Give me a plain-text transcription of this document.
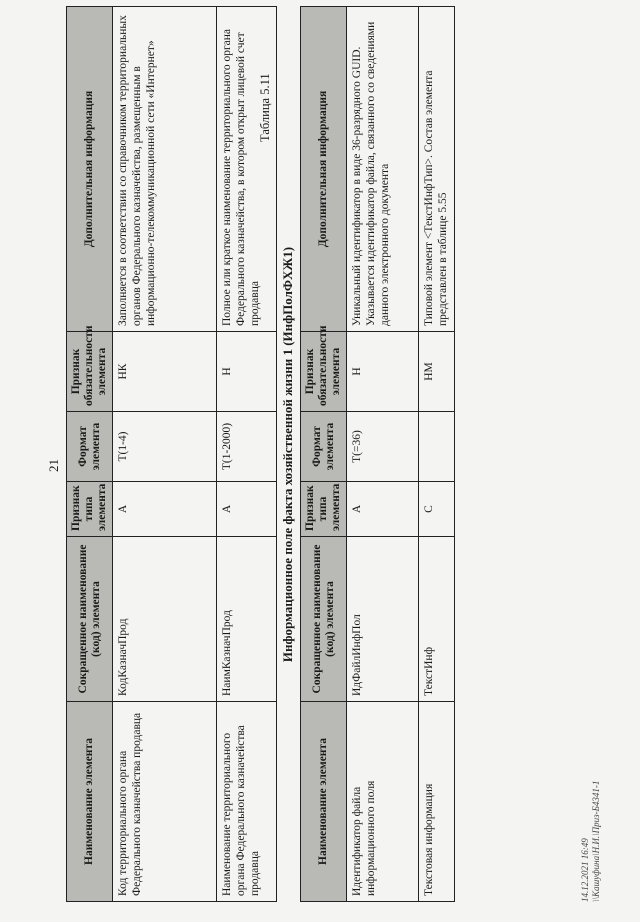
21
Наименование элемента	Сокращенное наименование (код) элемента	Признак типа элемента	Формат элемента	Признак обязательности элемента	Дополнительная информация
Код территориального органа Федерального казначейства продавца	КодКазначПрод	А	T(1-4)	НК	Заполняется в соответствии со справочником территориальных органов Федерального казначейства, размещенным в информационно-телекоммуникационной сети «Интернет»
Наименование территориального органа Федерального казначейства продавца	НаимКазначПрод	А	T(1-2000)	Н	Полное или краткое наименование территориального органа Федерального казначейства, в котором открыт лицевой счет продавца
Таблица 5.11
Информационное поле факта хозяйственной жизни 1 (ИнфПолФХЖ1)
Наименование элемента	Сокращенное наименование (код) элемента	Признак типа элемента	Формат элемента	Признак обязательности элемента	Дополнительная информация
Идентификатор файла информационного поля	ИдФайлИнфПол	А	T(=36)	Н	Уникальный идентификатор в виде 36-разрядного GUID. Указывается идентификатор файла, связанного со сведениями данного электронного документа
Текстовая информация	ТекстИнф	С		НМ	Типовой элемент <ТекстИнфТип>. Состав элемента представлен в таблице 5.55
14.12.2021 16:49 \\Кашуфина\Н.И.\Приз-Б4341-1
